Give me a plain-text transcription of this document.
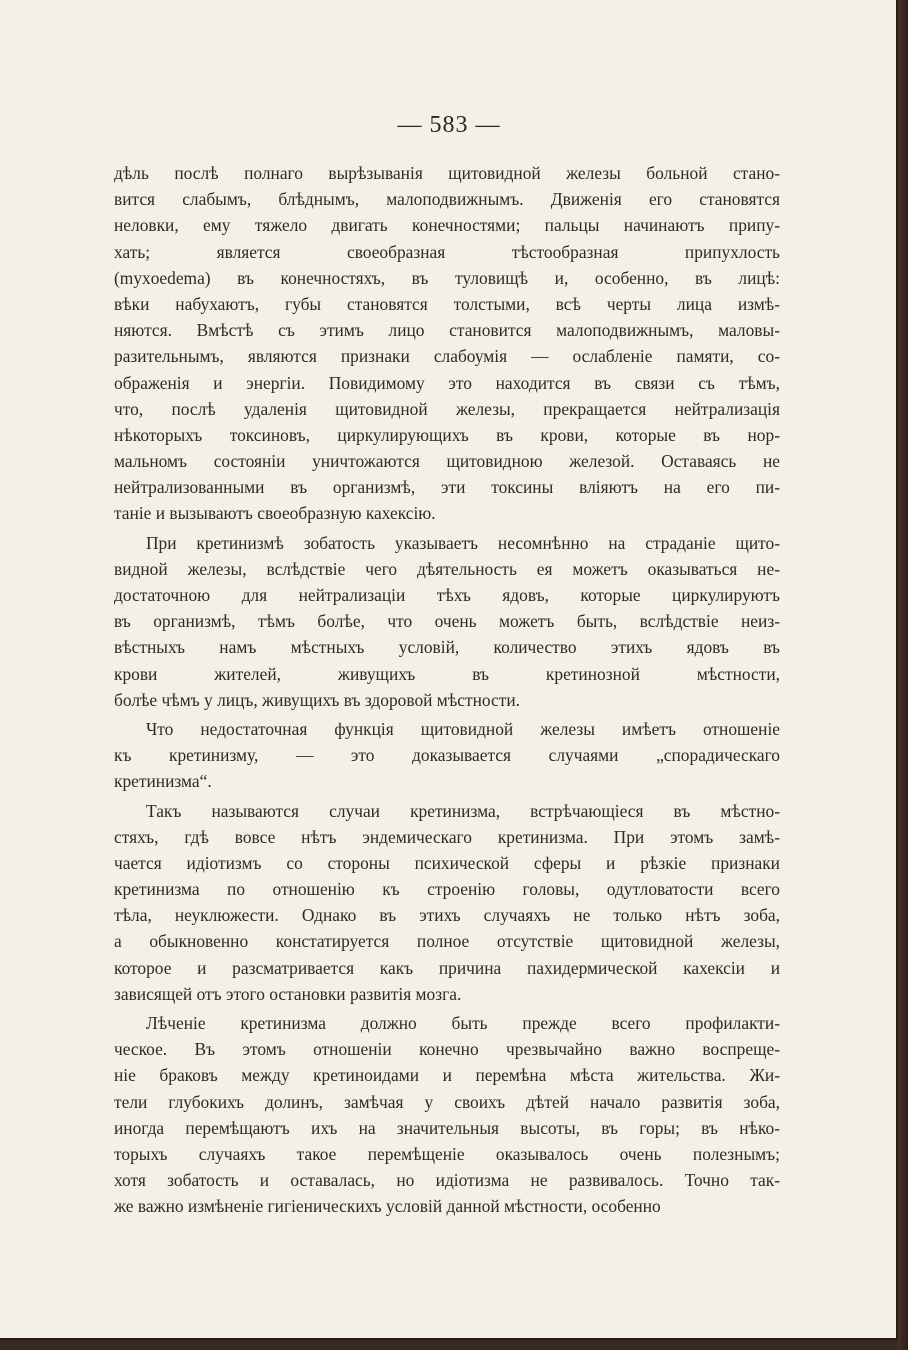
— 583 —
дѣль послѣ полнаго вырѣзыванія щитовидной железы больной стано-
вится слабымъ, блѣднымъ, малоподвижнымъ. Движенія его становятся
неловки, ему тяжело двигать конечностями; пальцы начинаютъ припу-
хать; является своеобразная тѣстообразная припухлость
(myxoedema) въ конечностяхъ, въ туловищѣ и, особенно, въ лицѣ:
вѣки набухаютъ, губы становятся толстыми, всѣ черты лица измѣ-
няются. Вмѣстѣ съ этимъ лицо становится малоподвижнымъ, маловы-
разительнымъ, являются признаки слабоумія — ослабленіе памяти, со-
ображенія и энергіи. Повидимому это находится въ связи съ тѣмъ,
что, послѣ удаленія щитовидной железы, прекращается нейтрализація
нѣкоторыхъ токсиновъ, циркулирующихъ въ крови, которые въ нор-
мальномъ состояніи уничтожаются щитовидною железой. Оставаясь не
нейтрализованными въ организмѣ, эти токсины вліяютъ на его пи-
таніе и вызываютъ своеобразную кахексію.
При кретинизмѣ зобатость указываетъ несомнѣнно на страданіе щито-
видной железы, вслѣдствіе чего дѣятельность ея можетъ оказываться не-
достаточною для нейтрализаціи тѣхъ ядовъ, которые циркулируютъ
въ организмѣ, тѣмъ болѣе, что очень можетъ быть, вслѣдствіе неиз-
вѣстныхъ намъ мѣстныхъ условій, количество этихъ ядовъ въ
крови жителей, живущихъ въ кретинозной мѣстности,
болѣе чѣмъ у лицъ, живущихъ въ здоровой мѣстности.
Что недостаточная функція щитовидной железы имѣетъ отношеніе
къ кретинизму, — это доказывается случаями „спорадическаго
кретинизма“.
Такъ называются случаи кретинизма, встрѣчающіеся въ мѣстно-
стяхъ, гдѣ вовсе нѣтъ эндемическаго кретинизма. При этомъ замѣ-
чается идіотизмъ со стороны психической сферы и рѣзкіе признаки
кретинизма по отношенію къ строенію головы, одутловатости всего
тѣла, неуклюжести. Однако въ этихъ случаяхъ не только нѣтъ зоба,
а обыкновенно констатируется полное отсутствіе щитовидной железы,
которое и разсматривается какъ причина пахидермической кахексіи и
зависящей отъ этого остановки развитія мозга.
Лѣченіе кретинизма должно быть прежде всего профилакти-
ческое. Въ этомъ отношеніи конечно чрезвычайно важно воспреще-
ніе браковъ между кретиноидами и перемѣна мѣста жительства. Жи-
тели глубокихъ долинъ, замѣчая у своихъ дѣтей начало развитія зоба,
иногда перемѣщаютъ ихъ на значительныя высоты, въ горы; въ нѣко-
торыхъ случаяхъ такое перемѣщеніе оказывалось очень полезнымъ;
хотя зобатость и оставалась, но идіотизма не развивалось. Точно так-
же важно измѣненіе гигіеническихъ условій данной мѣстности, особенно
